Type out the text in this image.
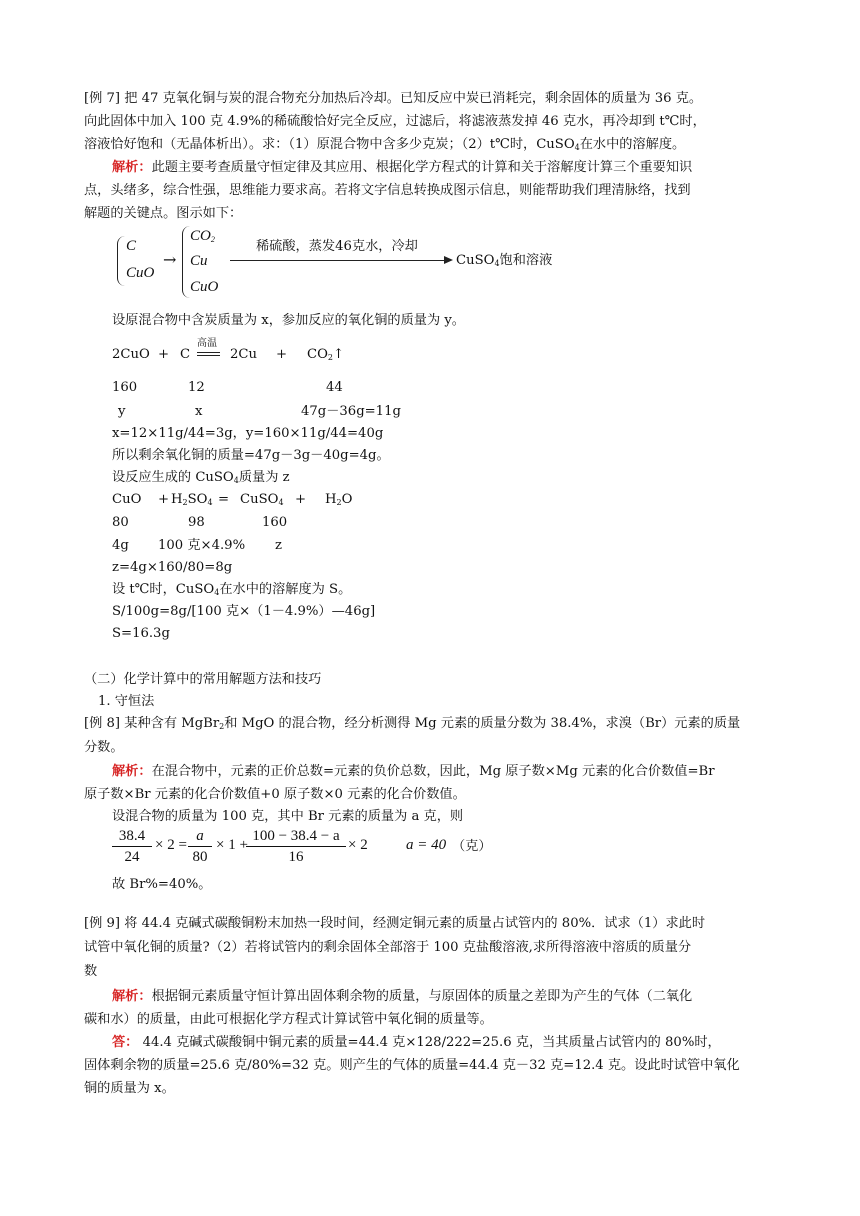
[例 7] 把 47 克氧化铜与炭的混合物充分加热后冷却。已知反应中炭已消耗完，剩余固体的质量为 36 克。
向此固体中加入 100 克 4.9%的稀硫酸恰好完全反应，过滤后，将滤液蒸发掉 46 克水，再冷却到 t℃时，
溶液恰好饱和（无晶体析出）。求：（1）原混合物中含多少克炭；（2）t℃时，CuSO$_4$在水中的溶解度。
解析：此题主要考查质量守恒定律及其应用、根据化学方程式的计算和关于溶解度计算三个重要知识
点，头绪多，综合性强，思维能力要求高。若将文字信息转换成图示信息，则能帮助我们理清脉络，找到
解题的关键点。图示如下：
C
CuO
→
$CO_2$
Cu
CuO
稀硫酸，蒸发46克水，冷却
CuSO$_4$饱和溶液
设原混合物中含炭质量为 x，参加反应的氧化铜的质量为 y。
2CuO + C
高温
$2Cu + CO_2↑$
160	12	44
y	x	47g－36g=11g
x=12×11g/44=3g，y=160×11g/44=40g
所以剩余氧化铜的质量=47g－3g－40g=4g。
设反应生成的 CuSO$_4$质量为 z
CuO + $H_2SO_4$ = CuSO$_4$ + $H_2O$
80	98	160
4g 100 克×4.9% z
z=4g×160/80=8g
设 t℃时，CuSO$_4$在水中的溶解度为 S。
S/100g=8g/[100 克×（1－4.9%）—46g]
S=16.3g
（二）化学计算中的常用解题方法和技巧
1. 守恒法
[例 8] 某种含有 MgBr$_2$和 MgO 的混合物，经分析测得 Mg 元素的质量分数为 38.4%，求溴（Br）元素的质量
分数。
解析：在混合物中，元素的正价总数=元素的负价总数，因此，Mg 原子数×Mg 元素的化合价数值=Br
原子数×Br 元素的化合价数值+0 原子数×0 元素的化合价数值。
设混合物的质量为 100 克，其中 Br 元素的质量为 a 克，则
$\frac{38.4}{24} \times 2 = \frac{a}{80} \times 1$ +
$\frac{100 - 38.4 - a}{16} \times 2$	a = 40 （克）
故 Br%=40%。
[例 9] 将 44.4 克碱式碳酸铜粉末加热一段时间，经测定铜元素的质量占试管内的 80%．试求（1）求此时
试管中氧化铜的质量?（2）若将试管内的剩余固体全部溶于 100 克盐酸溶液,求所得溶液中溶质的质量分
数
解析：根据铜元素质量守恒计算出固体剩余物的质量，与原固体的质量之差即为产生的气体（二氧化
碳和水）的质量，由此可根据化学方程式计算试管中氧化铜的质量等。
答： 44.4 克碱式碳酸铜中铜元素的质量=44.4 克×128/222=25.6 克，当其质量占试管内的 80%时，
固体剩余物的质量=25.6 克/80%=32 克。则产生的气体的质量=44.4 克－32 克=12.4 克。设此时试管中氧化
铜的质量为 x。
